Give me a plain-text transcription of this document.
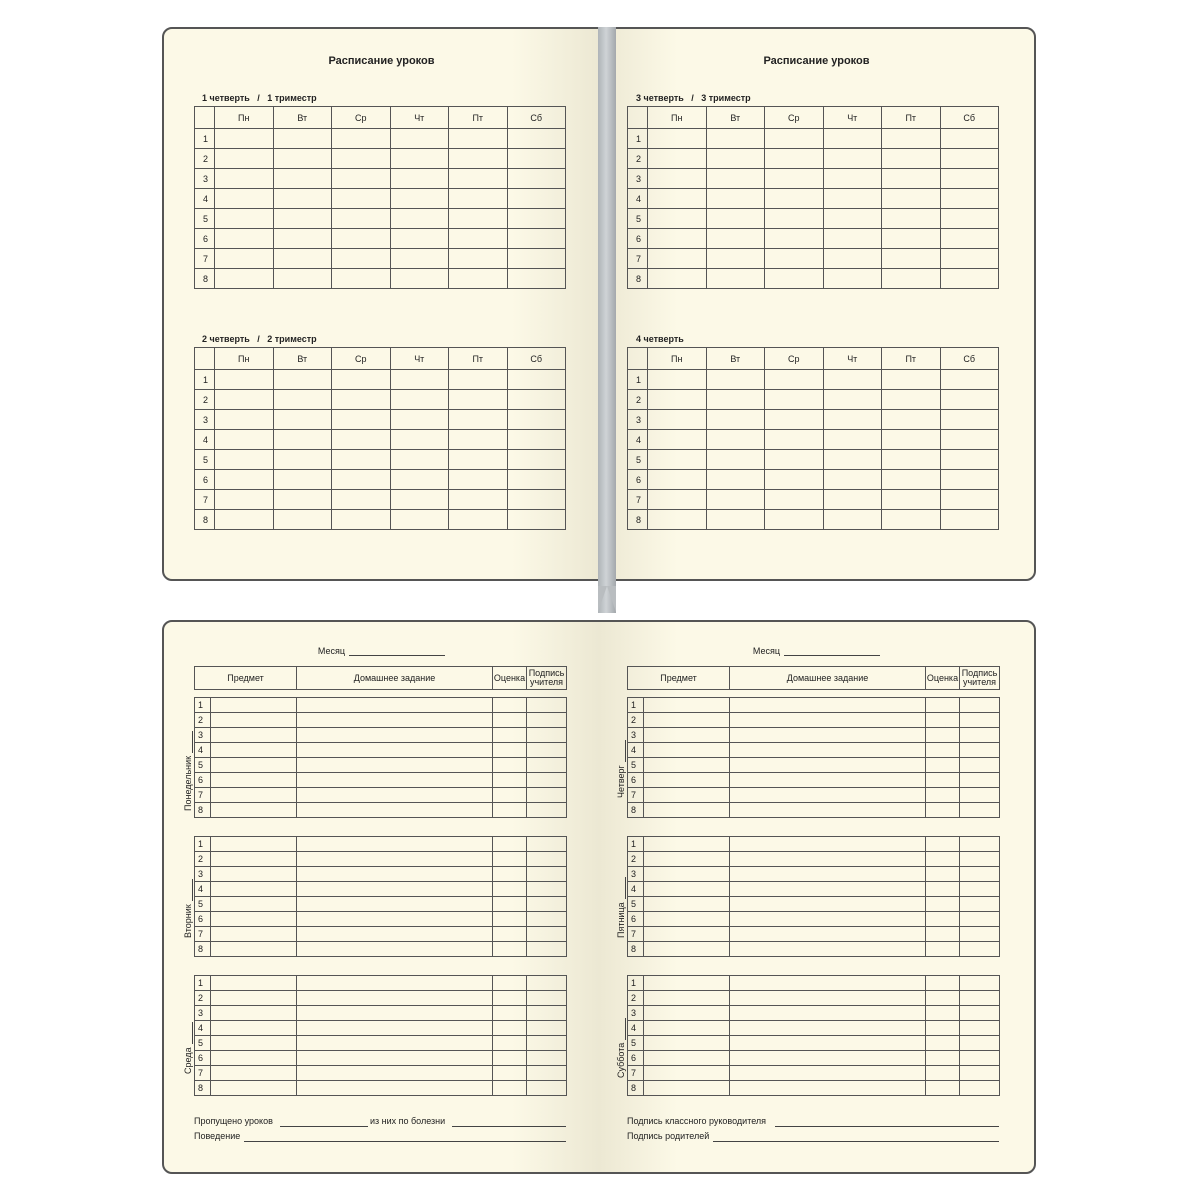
Расписание уроков
1 четверть   /   1 триместр
	Пн	Вт	Ср	Чт	Пт	Сб
1						
2						
3						
4						
5						
6						
7						
8						
2 четверть   /   2 триместр
	Пн	Вт	Ср	Чт	Пт	Сб
1						
2						
3						
4						
5						
6						
7						
8						
Расписание уроков
3 четверть   /   3 триместр
	Пн	Вт	Ср	Чт	Пт	Сб
1						
2						
3						
4						
5						
6						
7						
8						
4 четверть
	Пн	Вт	Ср	Чт	Пт	Сб
1						
2						
3						
4						
5						
6						
7						
8						
Месяц
Предмет	Домашнее задание	Оценка	Подпись учителя
1				
2				
3				
4				
5				
6				
7				
8				
1				
2				
3				
4				
5				
6				
7				
8				
1				
2				
3				
4				
5				
6				
7				
8				
Понедельник
Вторник
Среда
Пропущено уроков	из них по болезни
Поведение
Месяц
Предмет	Домашнее задание	Оценка	Подпись учителя
1				
2				
3				
4				
5				
6				
7				
8				
1				
2				
3				
4				
5				
6				
7				
8				
1				
2				
3				
4				
5				
6				
7				
8				
Четверг
Пятница
Суббота
Подпись классного руководителя
Подпись родителей
